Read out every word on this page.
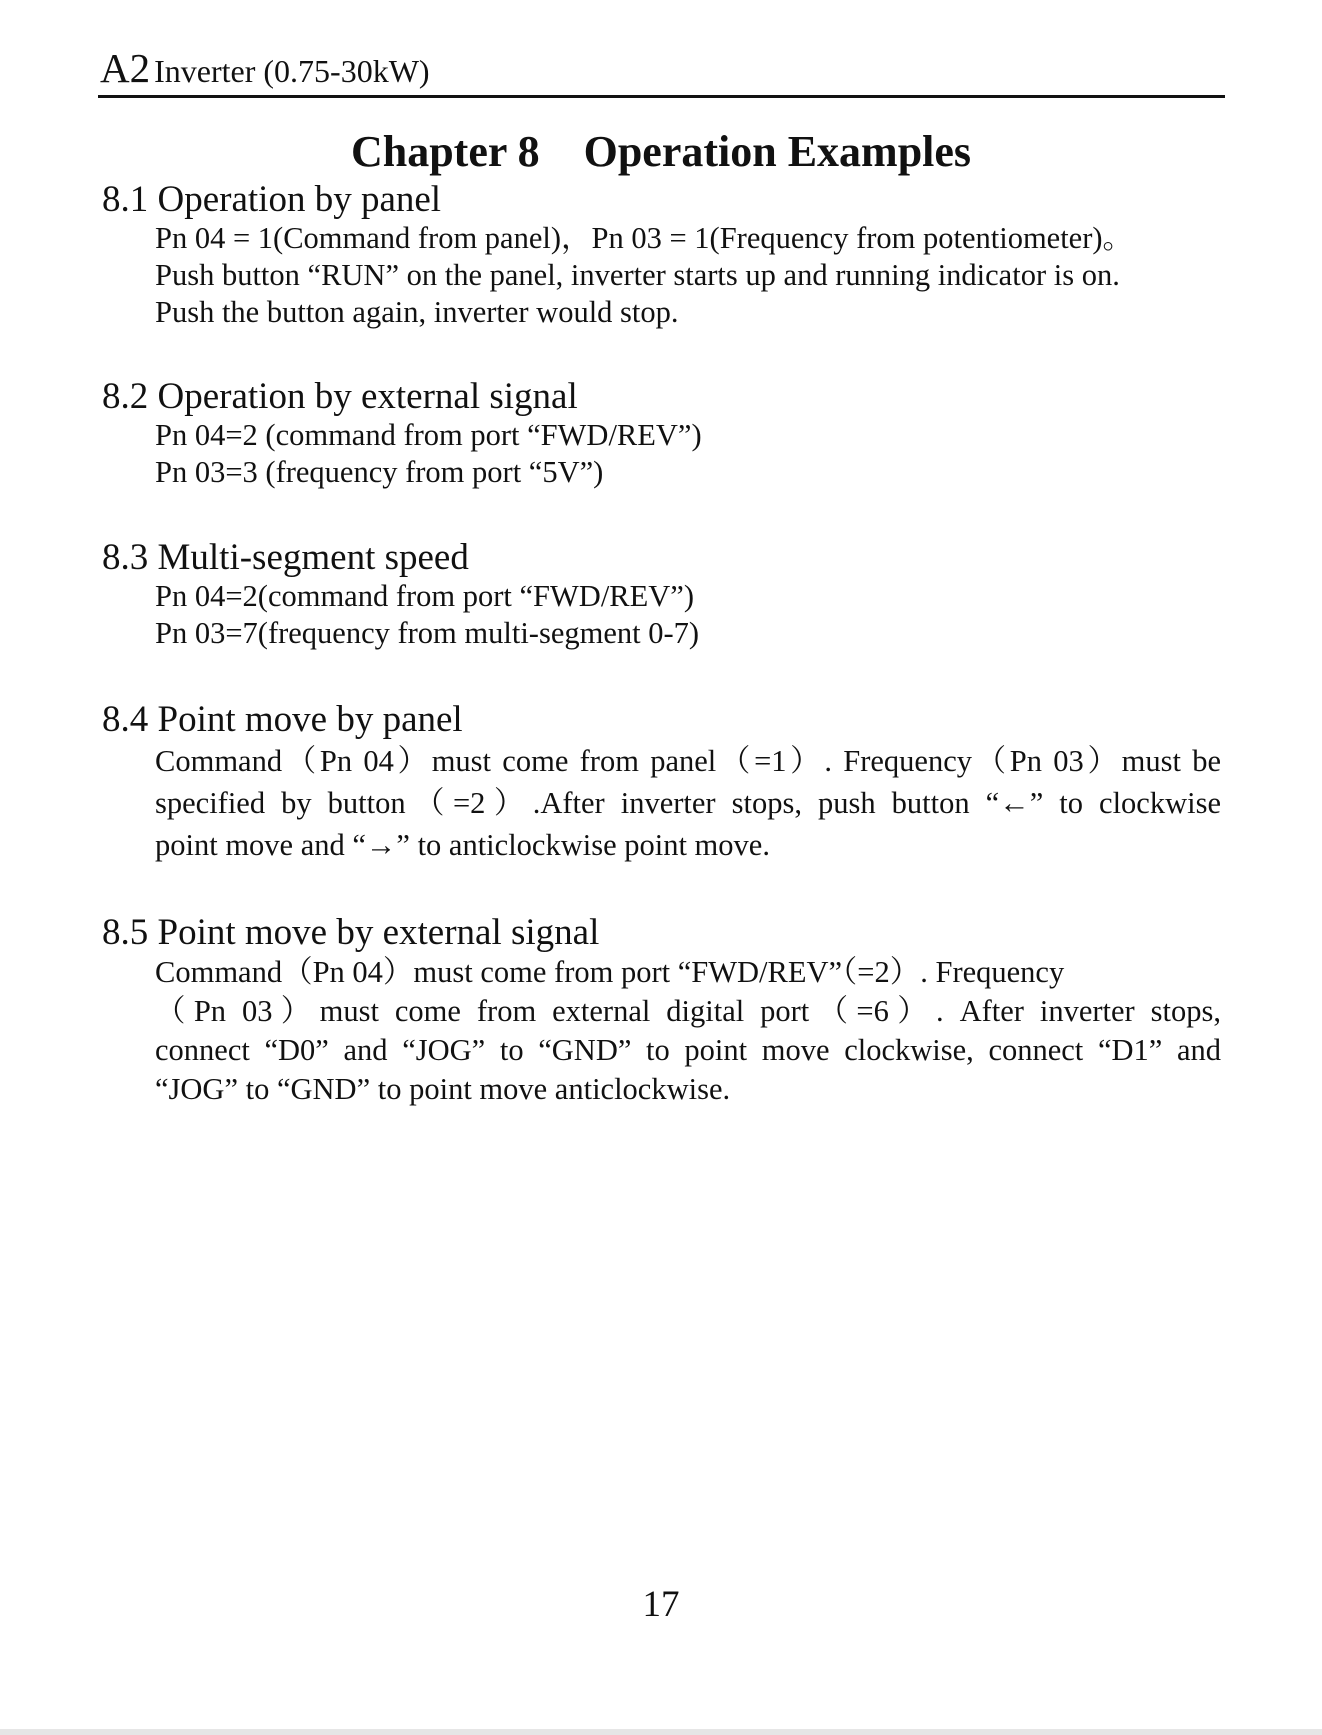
A2 Inverter (0.75-30kW)
Chapter 8 Operation Examples
8.1 Operation by panel

Pn 04 = 1(Command from panel)，Pn 03 = 1(Frequency from potentiometer)。

Push button “RUN” on the panel, inverter starts up and running indicator is on.

Push the button again, inverter would stop.

8.2 Operation by external signal

Pn 04=2 (command from port “FWD/REV”)

Pn 03=3 (frequency from port “5V”)

8.3 Multi-segment speed

Pn 04=2(command from port “FWD/REV”)

Pn 03=7(frequency from multi-segment 0-7)

8.4 Point move by panel

Command（Pn 04）must come from panel（=1）. Frequency（Pn 03）must be

specified by button（=2）.After inverter stops, push button “←” to clockwise

point move and “→” to anticlockwise point move.

8.5 Point move by external signal

Command（Pn 04）must come from port “FWD/REV”（=2）. Frequency

（Pn 03）must come from external digital port（=6）. After inverter stops,

connect “D0” and “JOG” to “GND” to point move clockwise, connect “D1” and

“JOG” to “GND” to point move anticlockwise.

17
